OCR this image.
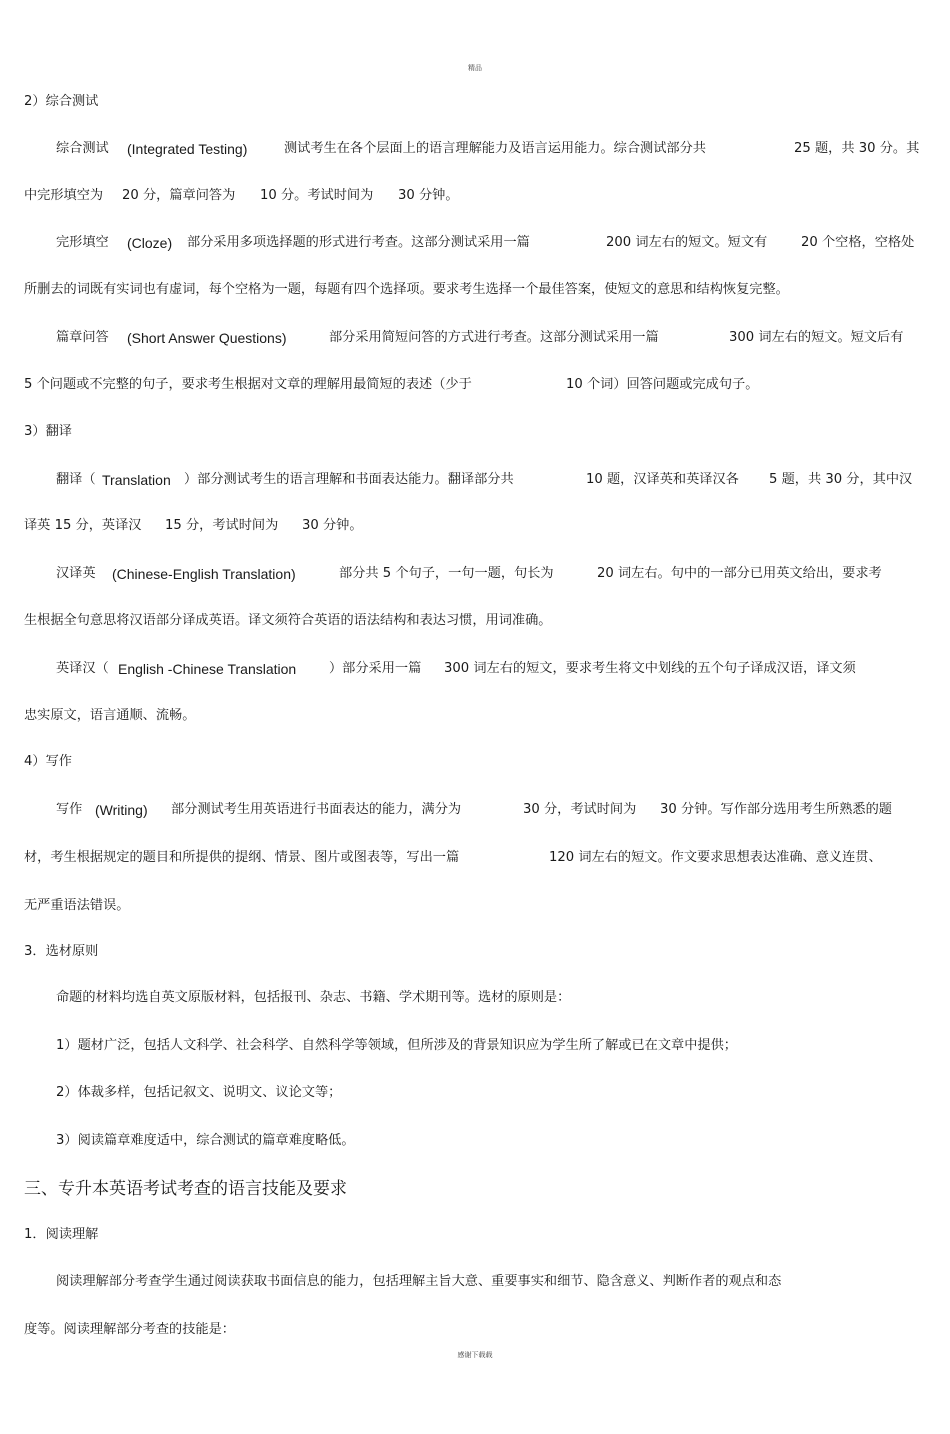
精品
2）综合测试
综合测试 (Integrated Testing)	测试考生在各个层面上的语言理解能力及语言运用能力。综合测试部分共	25 题，共 30 分。其
中完形填空为 20 分，篇章问答为 10 分。考试时间为 30 分钟。
完形填空 (Cloze) 部分采用多项选择题的形式进行考查。这部分测试采用一篇	200 词左右的短文。短文有	20 个空格，空格处
所删去的词既有实词也有虚词，每个空格为一题，每题有四个选择项。要求考生选择一个最佳答案，使短文的意思和结构恢复完整。
篇章问答 (Short Answer Questions)	部分采用简短问答的方式进行考查。这部分测试采用一篇	300 词左右的短文。短文后有
5 个问题或不完整的句子，要求考生根据对文章的理解用最简短的表述（少于	10 个词）回答问题或完成句子。
3）翻译
翻译（ Translation ）部分测试考生的语言理解和书面表达能力。翻译部分共	10 题，汉译英和英译汉各 5 题，共 30 分，其中汉
译英 15 分，英译汉 15 分，考试时间为 30 分钟。
汉译英 (Chinese-English Translation)	部分共 5 个句子，一句一题，句长为	20 词左右。句中的一部分已用英文给出，要求考
生根据全句意思将汉语部分译成英语。译文须符合英语的语法结构和表达习惯，用词准确。
英译汉（ English -Chinese Translation ）部分采用一篇 300 词左右的短文，要求考生将文中划线的五个句子译成汉语，译文须
忠实原文，语言通顺、流畅。
4）写作
写作 (Writing) 部分测试考生用英语进行书面表达的能力，满分为	30 分，考试时间为 30 分钟。写作部分选用考生所熟悉的题
材，考生根据规定的题目和所提供的提纲、情景、图片或图表等，写出一篇	120 词左右的短文。作文要求思想表达准确、意义连贯、
无严重语法错误。
3．选材原则
命题的材料均选自英文原版材料，包括报刊、杂志、书籍、学术期刊等。选材的原则是：
1）题材广泛，包括人文科学、社会科学、自然科学等领域，但所涉及的背景知识应为学生所了解或已在文章中提供；
2）体裁多样，包括记叙文、说明文、议论文等；
3）阅读篇章难度适中，综合测试的篇章难度略低。
1．阅读理解
阅读理解部分考查学生通过阅读获取书面信息的能力，包括理解主旨大意、重要事实和细节、隐含意义、判断作者的观点和态
度等。阅读理解部分考查的技能是：
三、专升本英语考试考查的语言技能及要求
感谢下载载
